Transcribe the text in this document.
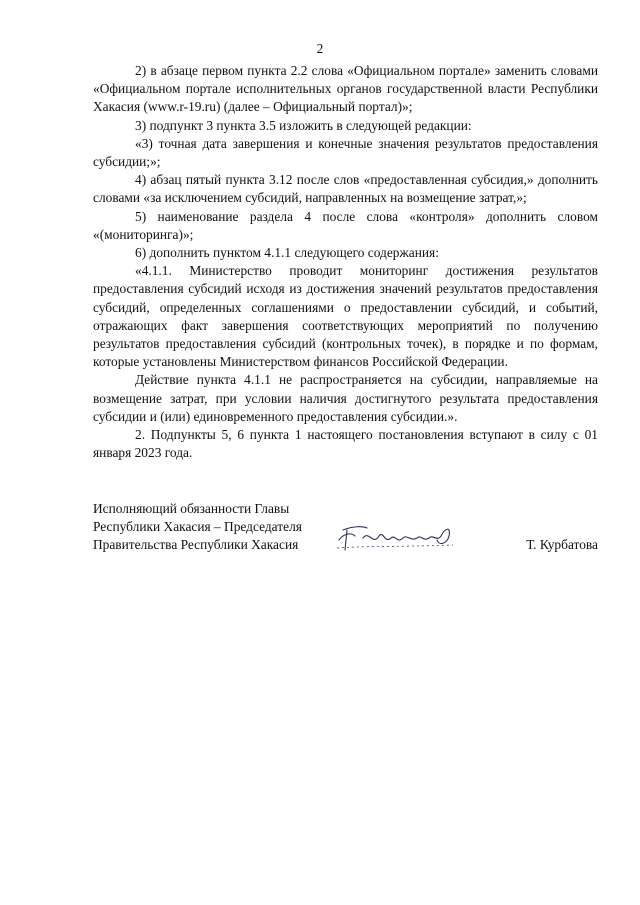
2

2) в абзаце первом пункта 2.2 слова «Официальном портале» заменить словами «Официальном портале исполнительных органов государственной власти Республики Хакасия (www.r-19.ru) (далее – Официальный портал)»;

3) подпункт 3 пункта 3.5 изложить в следующей редакции:

«3) точная дата завершения и конечные значения результатов предоставления субсидии;»;

4) абзац пятый пункта 3.12 после слов «предоставленная субсидия,» дополнить словами «за исключением субсидий, направленных на возмещение затрат,»;

5) наименование раздела 4 после слова «контроля» дополнить словом «(мониторинга)»;

6) дополнить пунктом 4.1.1 следующего содержания:

«4.1.1. Министерство проводит мониторинг достижения результатов предоставления субсидий исходя из достижения значений результатов предоставления субсидий, определенных соглашениями о предоставлении субсидий, и событий, отражающих факт завершения соответствующих мероприятий по получению результатов предоставления субсидий (контрольных точек), в порядке и по формам, которые установлены Министерством финансов Российской Федерации.

Действие пункта 4.1.1 не распространяется на субсидии, направляемые на возмещение затрат, при условии наличия достигнутого результата предоставления субсидии и (или) единовременного предоставления субсидии.».

2. Подпункты 5, 6 пункта 1 настоящего постановления вступают в силу с 01 января 2023 года.

Исполняющий обязанности Главы
Республики Хакасия – Председателя
Правительства Республики Хакасия	Т. Курбатова
